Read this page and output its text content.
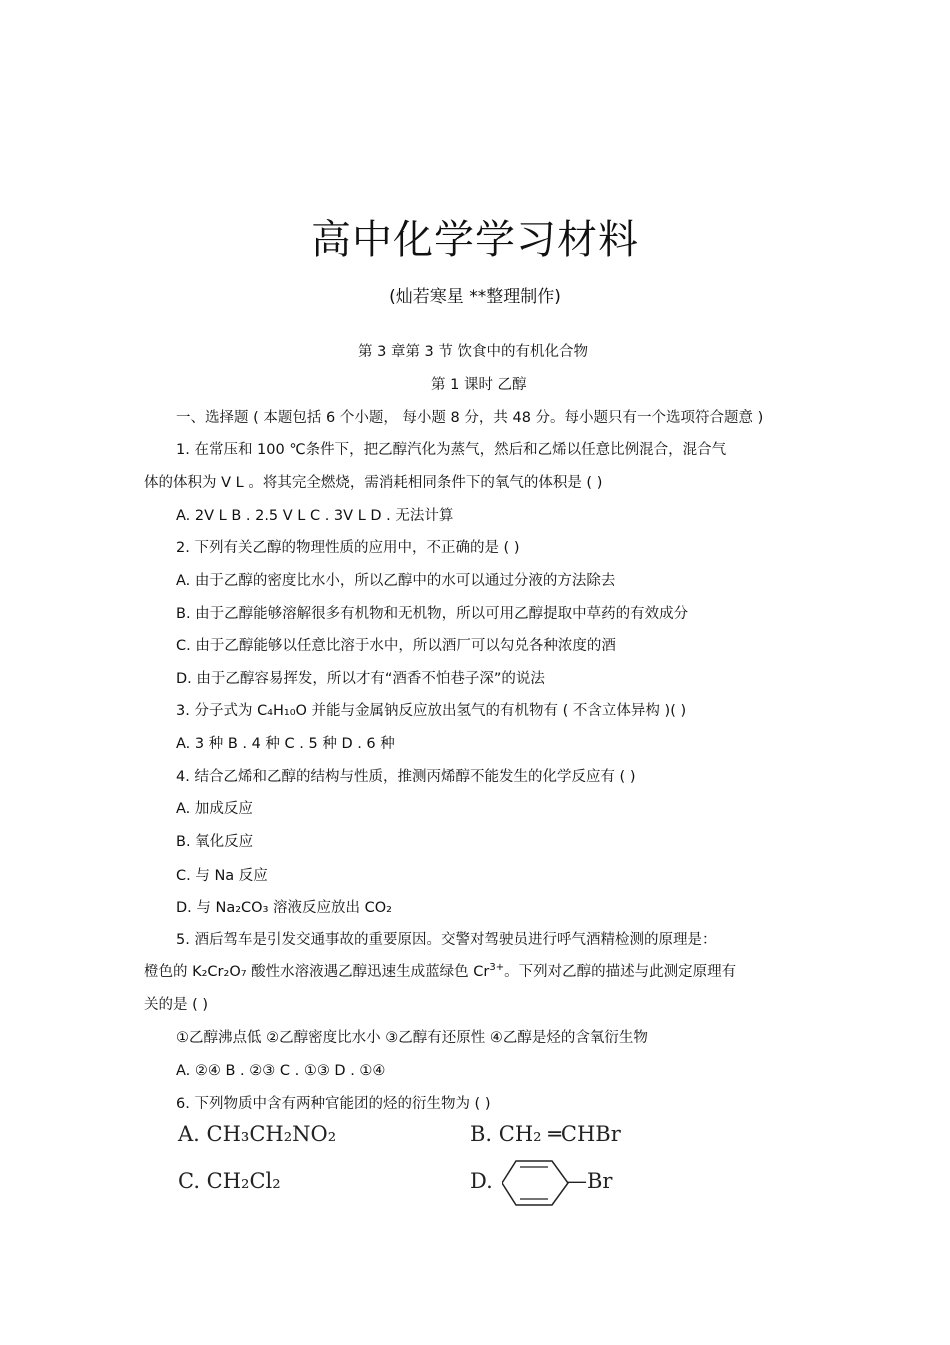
高中化学学习材料
(灿若寒星 **整理制作)
第 3 章第 3 节 饮食中的有机化合物
第 1 课时 乙醇
一、选择题 ( 本题包括 6 个小题， 每小题 8 分，共 48 分。每小题只有一个选项符合题意 )
1. 在常压和 100 ℃条件下，把乙醇汽化为蒸气，然后和乙烯以任意比例混合，混合气
体的体积为 V L 。将其完全燃烧，需消耗相同条件下的氧气的体积是 ( )
A. 2V L B . 2.5 V L C . 3V L D . 无法计算
2. 下列有关乙醇的物理性质的应用中，不正确的是 ( )
A. 由于乙醇的密度比水小，所以乙醇中的水可以通过分液的方法除去
B. 由于乙醇能够溶解很多有机物和无机物，所以可用乙醇提取中草药的有效成分
C. 由于乙醇能够以任意比溶于水中，所以酒厂可以勾兑各种浓度的酒
D. 由于乙醇容易挥发，所以才有“酒香不怕巷子深”的说法
3. 分子式为 C₄H₁₀O 并能与金属钠反应放出氢气的有机物有 ( 不含立体异构 )( )
A. 3 种 B . 4 种 C . 5 种 D . 6 种
4. 结合乙烯和乙醇的结构与性质，推测丙烯醇不能发生的化学反应有 ( )
A. 加成反应
B. 氧化反应
C. 与 Na 反应
D. 与 Na₂CO₃ 溶液反应放出 CO₂
5. 酒后驾车是引发交通事故的重要原因。交警对驾驶员进行呼气酒精检测的原理是：
橙色的 K₂Cr₂O₇ 酸性水溶液遇乙醇迅速生成蓝绿色 $Cr^{3+}$。下列对乙醇的描述与此测定原理有
关的是 ( )
①乙醇沸点低 ②乙醇密度比水小 ③乙醇有还原性 ④乙醇是烃的含氧衍生物
A. ②④ B . ②③ C . ①③ D . ①④
6. 下列物质中含有两种官能团的烃的衍生物为 ( )
A. CH₃CH₂NO₂	B. CH₂ ═CHBr
C. CH₂Cl₂	D.	—Br
